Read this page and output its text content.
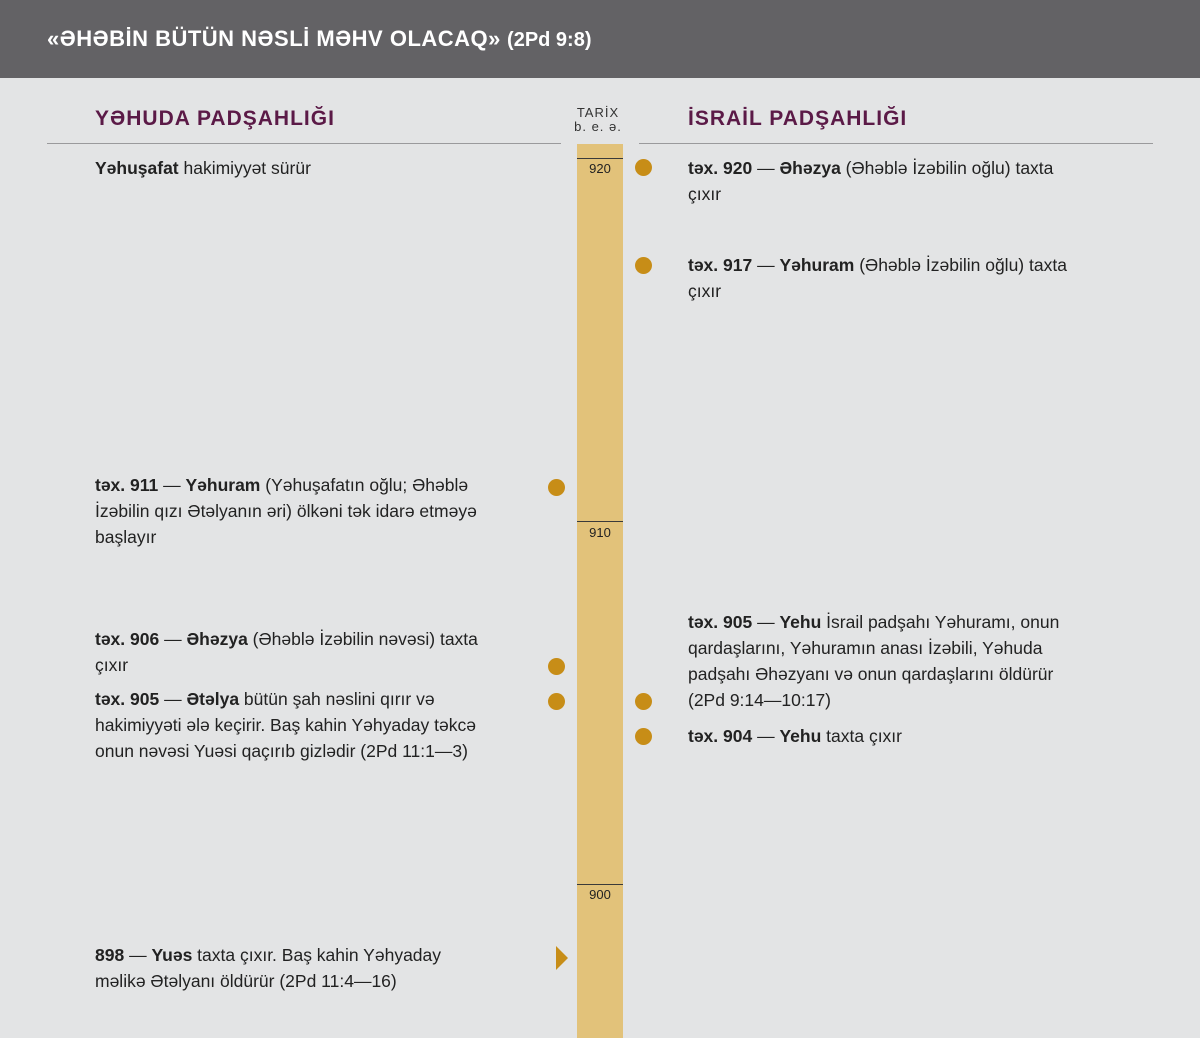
«ƏHƏBİN BÜTÜN NƏSLİ MƏHV OLACAQ» (2Pd 9:8)
YƏHUDA PADŞAHLIĞI	İSRAİL PADŞAHLIĞI
TARİX
b. e. ə.
920
910
900
Yəhuşafat hakimiyyət sürür
təx. 911 — Yəhuram (Yəhuşafatın oğlu; Əhəblə İzəbilin qızı Ətəlyanın əri) ölkəni tək idarə etməyə başlayır
təx. 906 — Əhəzya (Əhəblə İzəbilin nəvəsi) taxta çıxır
təx. 905 — Ətəlya bütün şah nəslini qırır və hakimiyyəti ələ keçirir. Baş kahin Yəhyaday təkcə onun nəvəsi Yuəsi qaçırıb gizlədir (2Pd 11:1—3)
898 — Yuəs taxta çıxır. Baş kahin Yəhyaday məlikə Ətəlyanı öldürür (2Pd 11:4—16)
təx. 920 — Əhəzya (Əhəblə İzəbilin oğlu) taxta çıxır
təx. 917 — Yəhuram (Əhəblə İzəbilin oğlu) taxta çıxır
təx. 905 — Yehu İsrail padşahı Yəhuramı, onun qardaşlarını, Yəhuramın anası İzəbili, Yəhuda padşahı Əhəzyanı və onun qardaşlarını öldürür (2Pd 9:14—10:17)
təx. 904 — Yehu taxta çıxır
